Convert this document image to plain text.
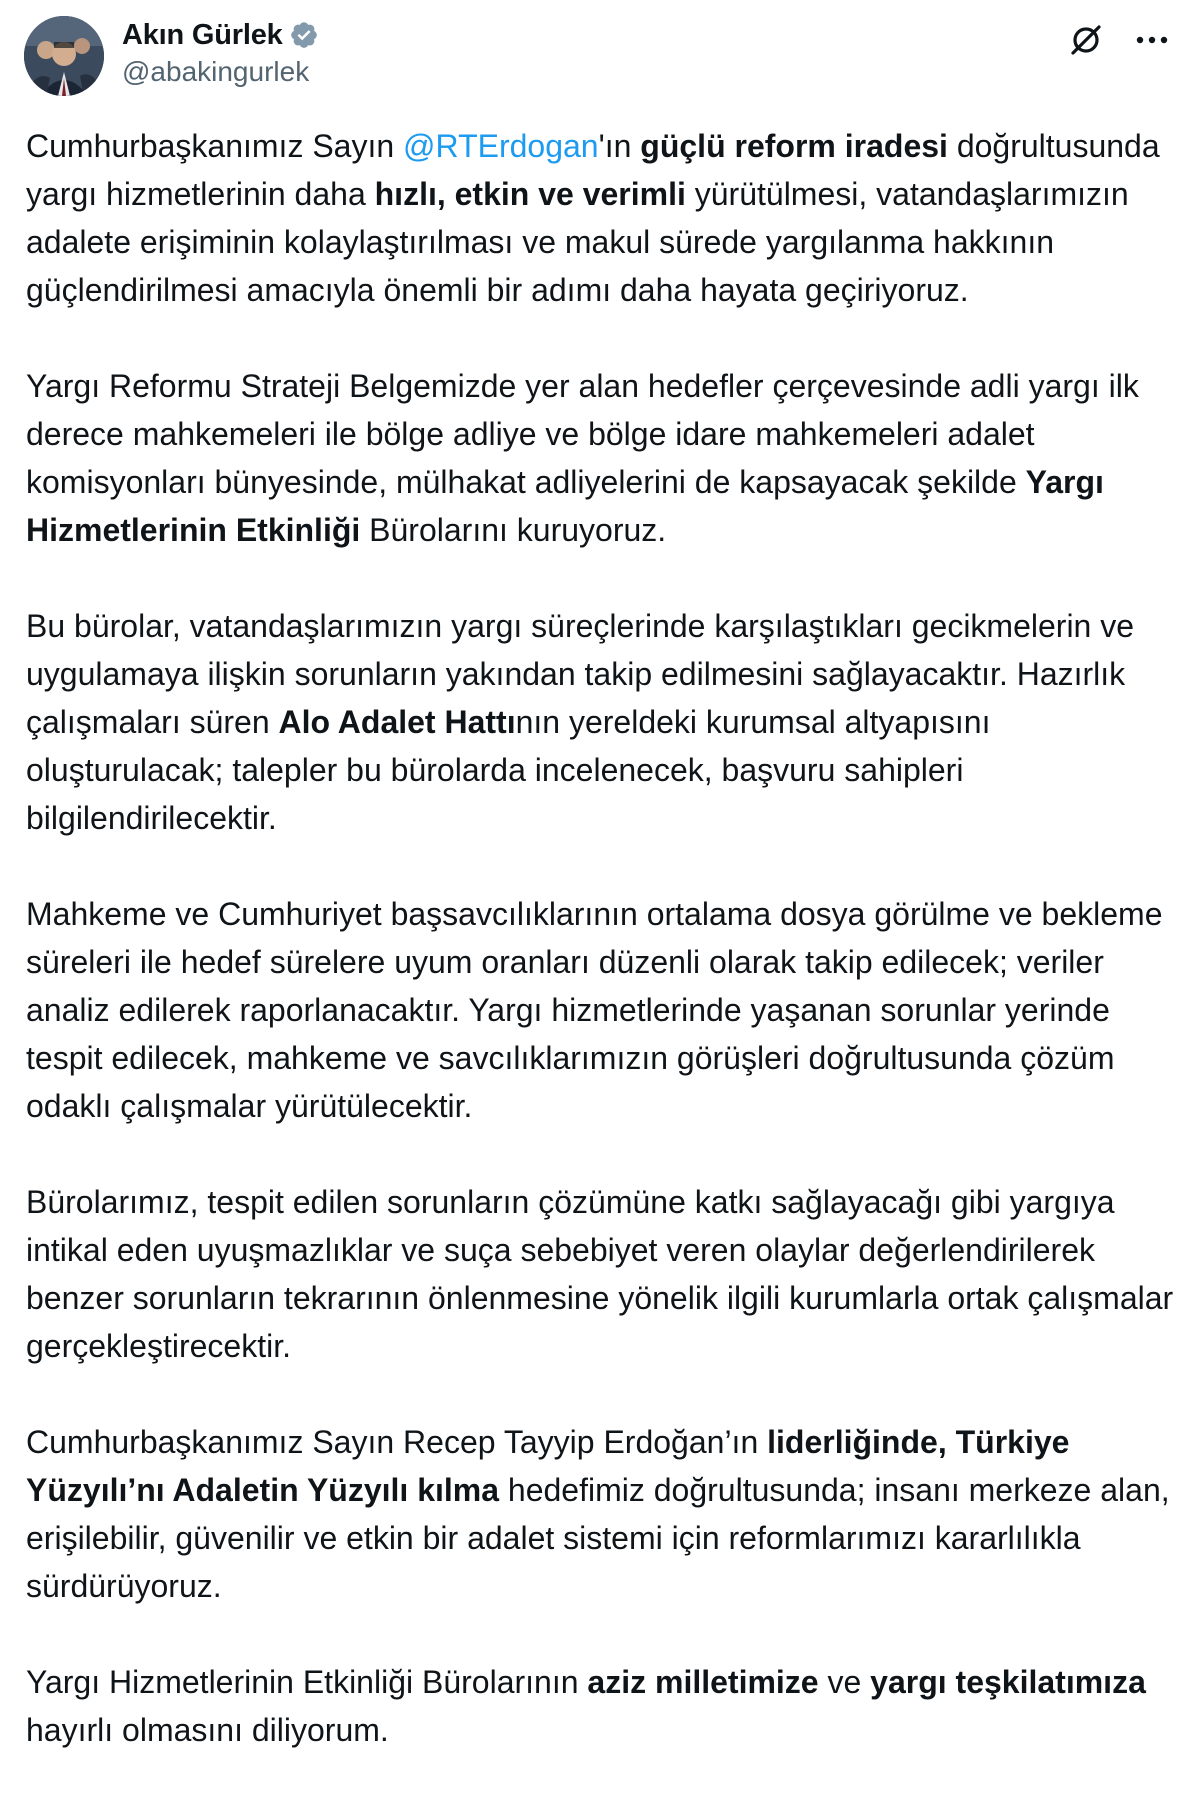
Akın Gürlek
@abakingurlek

Cumhurbaşkanımız Sayın @RTErdogan'ın güçlü reform iradesi doğrultusunda yargı hizmetlerinin daha hızlı, etkin ve verimli yürütülmesi, vatandaşlarımızın adalete erişiminin kolaylaştırılması ve makul sürede yargılanma hakkının güçlendirilmesi amacıyla önemli bir adımı daha hayata geçiriyoruz.

Yargı Reformu Strateji Belgemizde yer alan hedefler çerçevesinde adli yargı ilk derece mahkemeleri ile bölge adliye ve bölge idare mahkemeleri adalet komisyonları bünyesinde, mülhakat adliyelerini de kapsayacak şekilde Yargı Hizmetlerinin Etkinliği Bürolarını kuruyoruz.

Bu bürolar, vatandaşlarımızın yargı süreçlerinde karşılaştıkları gecikmelerin ve uygulamaya ilişkin sorunların yakından takip edilmesini sağlayacaktır. Hazırlık çalışmaları süren Alo Adalet Hattının yereldeki kurumsal altyapısını oluşturulacak; talepler bu bürolarda incelenecek, başvuru sahipleri bilgilendirilecektir.

Mahkeme ve Cumhuriyet başsavcılıklarının ortalama dosya görülme ve bekleme süreleri ile hedef sürelere uyum oranları düzenli olarak takip edilecek; veriler analiz edilerek raporlanacaktır. Yargı hizmetlerinde yaşanan sorunlar yerinde tespit edilecek, mahkeme ve savcılıklarımızın görüşleri doğrultusunda çözüm odaklı çalışmalar yürütülecektir.

Bürolarımız, tespit edilen sorunların çözümüne katkı sağlayacağı gibi yargıya intikal eden uyuşmazlıklar ve suça sebebiyet veren olaylar değerlendirilerek benzer sorunların tekrarının önlenmesine yönelik ilgili kurumlarla ortak çalışmalar gerçekleştirecektir.

Cumhurbaşkanımız Sayın Recep Tayyip Erdoğan’ın liderliğinde, Türkiye Yüzyılı’nı Adaletin Yüzyılı kılma hedefimiz doğrultusunda; insanı merkeze alan, erişilebilir, güvenilir ve etkin bir adalet sistemi için reformlarımızı kararlılıkla sürdürüyoruz.

Yargı Hizmetlerinin Etkinliği Bürolarının aziz milletimize ve yargı teşkilatımıza hayırlı olmasını diliyorum.
